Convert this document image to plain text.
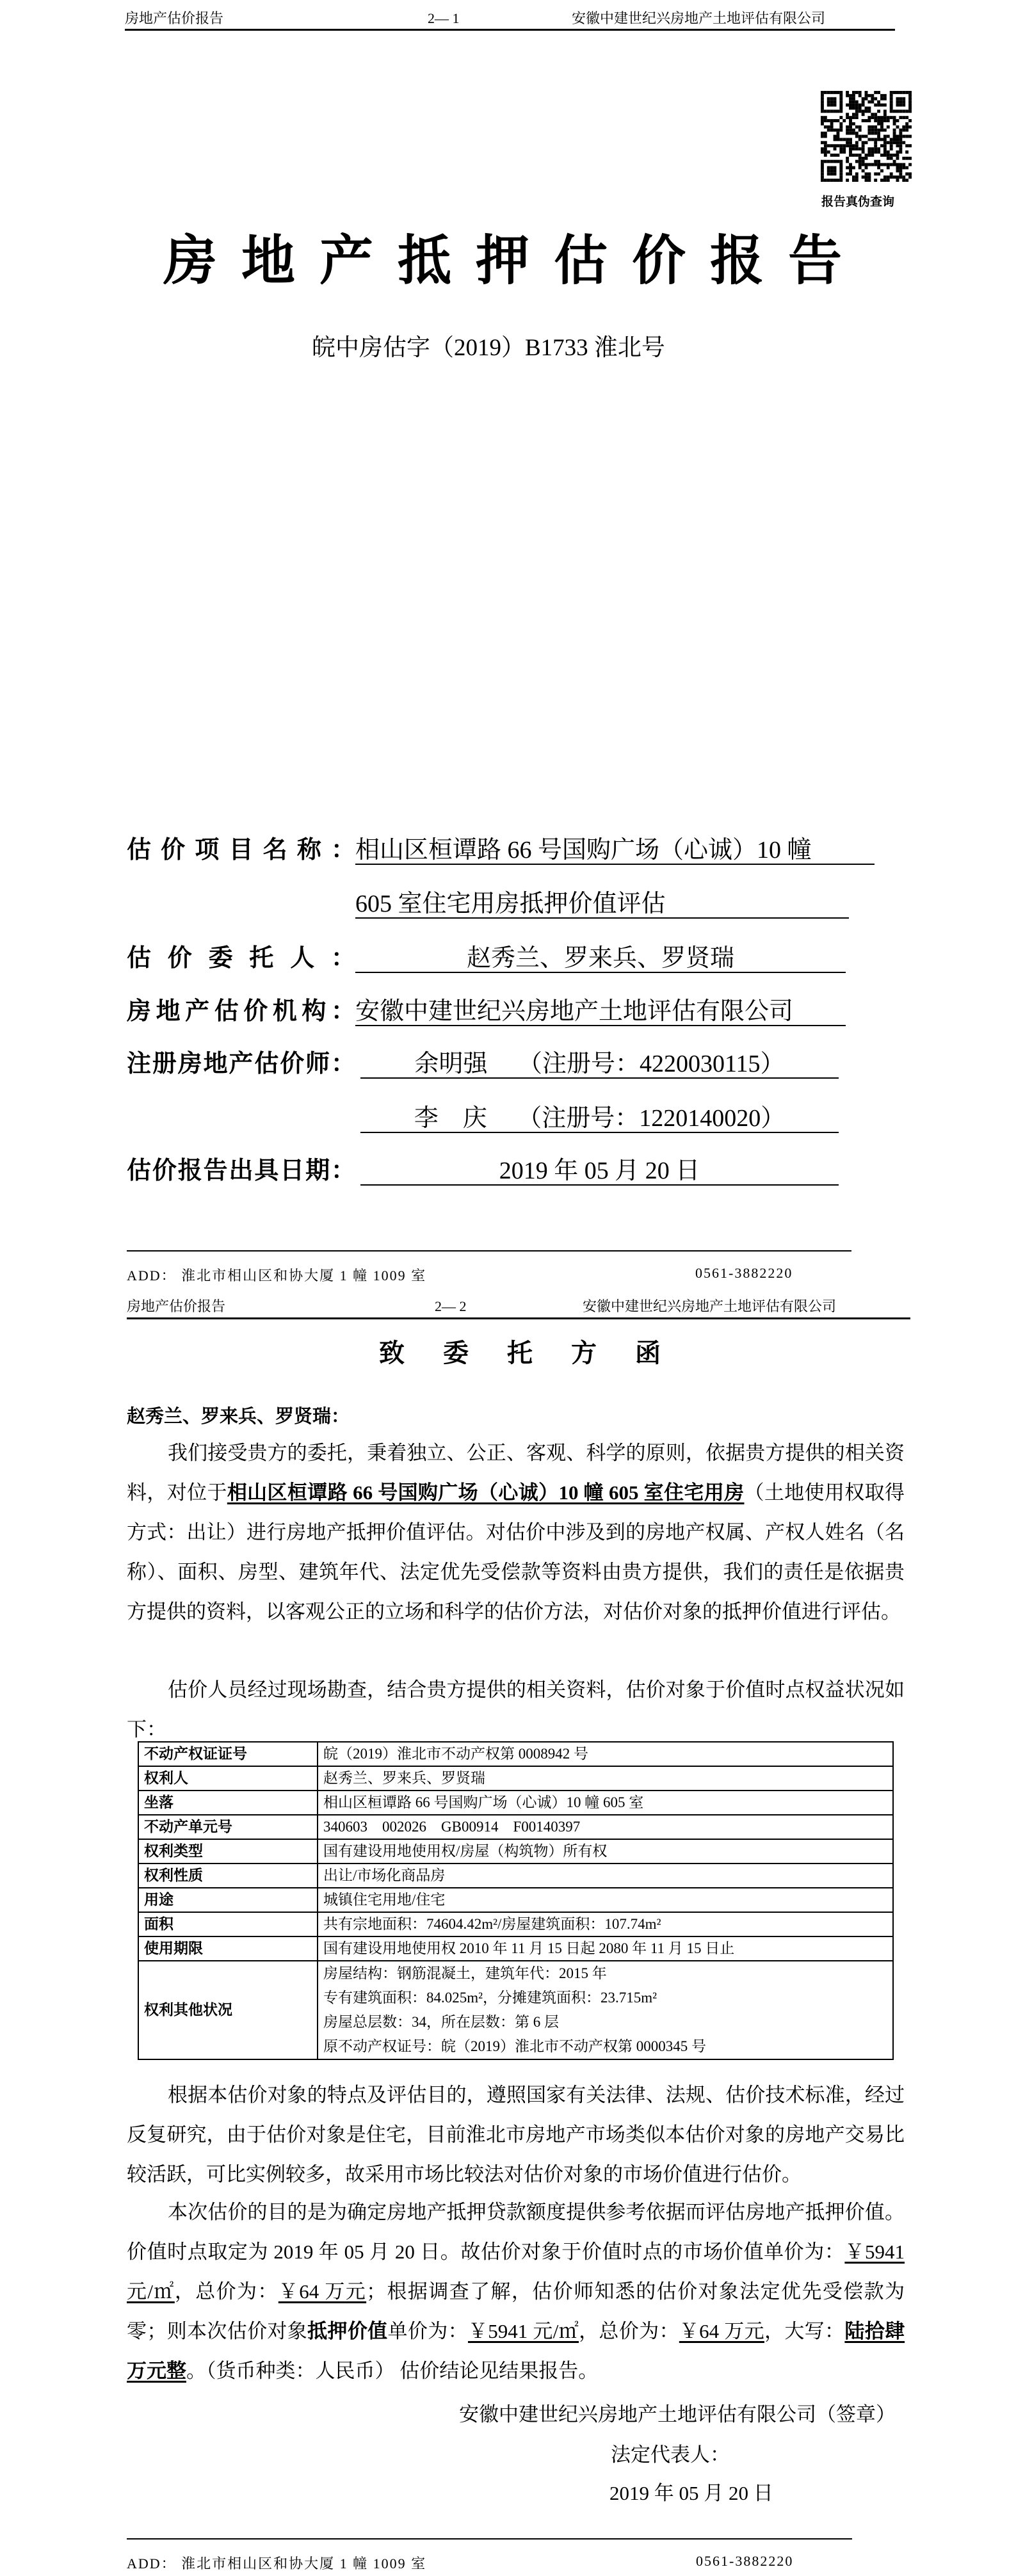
房地产估价报告	2— 1	安徽中建世纪兴房地产土地评估有限公司
报告真伪查询
房地产抵押估价报告
皖中房估字（2019）B1733 淮北号
估价项目名称： 相山区桓谭路 66 号国购广场（心诚）10 幢
605 室住宅用房抵押价值评估
估价委托人：	赵秀兰、罗来兵、罗贤瑞
房地产估价机构： 安徽中建世纪兴房地产土地评估有限公司
注册房地产估价师：	余明强　 （注册号：4220030115）
李　庆　 （注册号：1220140020）
估价报告出具日期：	2019 年 05 月 20 日
ADD： 淮北市相山区和协大厦 1 幢 1009 室	0561-3882220
房地产估价报告	2— 2	安徽中建世纪兴房地产土地评估有限公司
致委托方函
赵秀兰、罗来兵、罗贤瑞：

我们接受贵方的委托，秉着独立、公正、客观、科学的原则，依据贵方提供的相关资料，对位于相山区桓谭路 66 号国购广场（心诚）10 幢 605 室住宅用房（土地使用权取得方式：出让）进行房地产抵押价值评估。对估价中涉及到的房地产权属、产权人姓名（名称）、面积、房型、建筑年代、法定优先受偿款等资料由贵方提供，我们的责任是依据贵方提供的资料，以客观公正的立场和科学的估价方法，对估价对象的抵押价值进行评估。

估价人员经过现场勘查，结合贵方提供的相关资料，估价对象于价值时点权益状况如下：

不动产权证证号	皖（2019）淮北市不动产权第 0008942 号
权利人	赵秀兰、罗来兵、罗贤瑞
坐落	相山区桓谭路 66 号国购广场（心诚）10 幢 605 室
不动产单元号	340603　002026　GB00914　F00140397
权利类型	国有建设用地使用权/房屋（构筑物）所有权
权利性质	出让/市场化商品房
用途	城镇住宅用地/住宅
面积	共有宗地面积：74604.42m²/房屋建筑面积：107.74m²
使用期限	国有建设用地使用权 2010 年 11 月 15 日起 2080 年 11 月 15 日止
权利其他状况	房屋结构：钢筋混凝土，建筑年代：2015 年
专有建筑面积：84.025m²，分摊建筑面积：23.715m²
房屋总层数：34，所在层数：第 6 层
原不动产权证号：皖（2019）淮北市不动产权第 0000345 号

根据本估价对象的特点及评估目的，遵照国家有关法律、法规、估价技术标准，经过反复研究，由于估价对象是住宅，目前淮北市房地产市场类似本估价对象的房地产交易比较活跃，可比实例较多，故采用市场比较法对估价对象的市场价值进行估价。

本次估价的目的是为确定房地产抵押贷款额度提供参考依据而评估房地产抵押价值。价值时点取定为 2019 年 05 月 20 日。故估价对象于价值时点的市场价值单价为：￥5941 元/㎡，总价为：￥64 万元；根据调查了解，估价师知悉的估价对象法定优先受偿款为零；则本次估价对象抵押价值单价为：￥5941 元/㎡，总价为：￥64 万元，大写：陆拾肆万元整。（货币种类：人民币） 估价结论见结果报告。

安徽中建世纪兴房地产土地评估有限公司（签章）
法定代表人：
2019 年 05 月 20 日
ADD： 淮北市相山区和协大厦 1 幢 1009 室	0561-3882220
